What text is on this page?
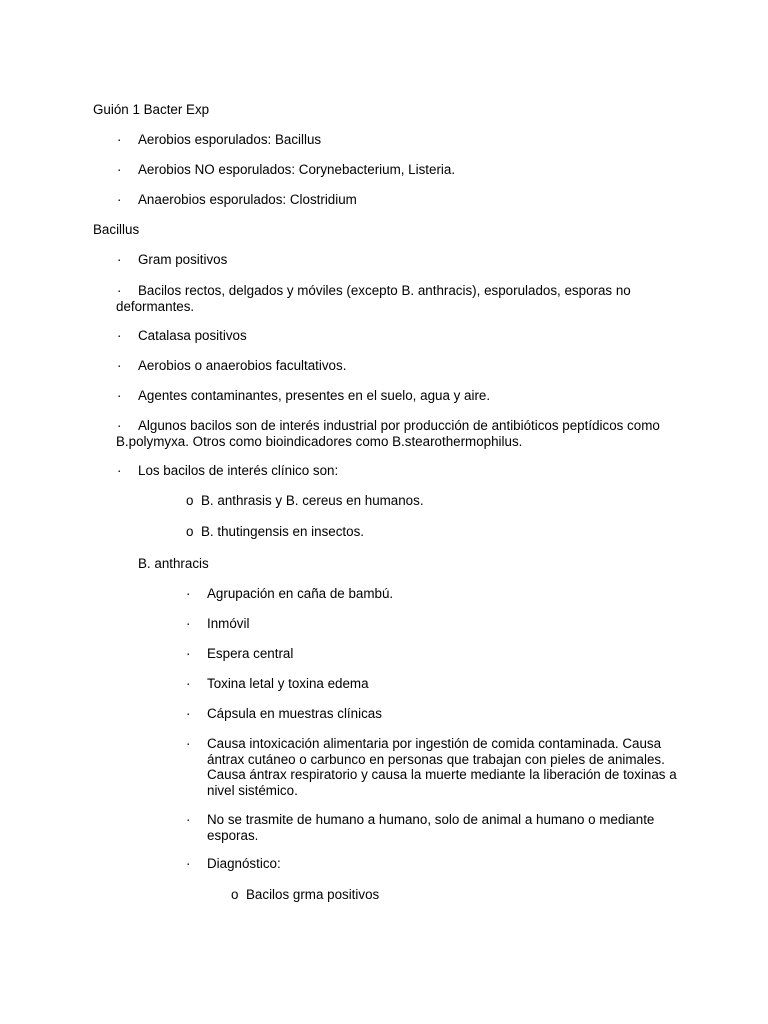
Guión 1 Bacter Exp
· Aerobios esporulados: Bacillus
· Aerobios NO esporulados: Corynebacterium, Listeria.
· Anaerobios esporulados: Clostridium
Bacillus
· Gram positivos
·	Bacilos rectos, delgados y móviles (excepto B. anthracis), esporulados, esporas no deformantes.
· Catalasa positivos
· Aerobios o anaerobios facultativos.
· Agentes contaminantes, presentes en el suelo, agua y aire.
·	Algunos bacilos son de interés industrial por producción de antibióticos peptídicos como B.polymyxa. Otros como bioindicadores como B.stearothermophilus.
· Los bacilos de interés clínico son:
o B. anthrasis y B. cereus en humanos.
o B. thutingensis en insectos.
B. anthracis
· Agrupación en caña de bambú.
· Inmóvil
· Espera central
· Toxina letal y toxina edema
· Cápsula en muestras clínicas
· Causa intoxicación alimentaria por ingestión de comida contaminada. Causa ántrax cutáneo o carbunco en personas que trabajan con pieles de animales. Causa ántrax respiratorio y causa la muerte mediante la liberación de toxinas a nivel sistémico.
· No se trasmite de humano a humano, solo de animal a humano o mediante esporas.
· Diagnóstico:
o Bacilos grma positivos
